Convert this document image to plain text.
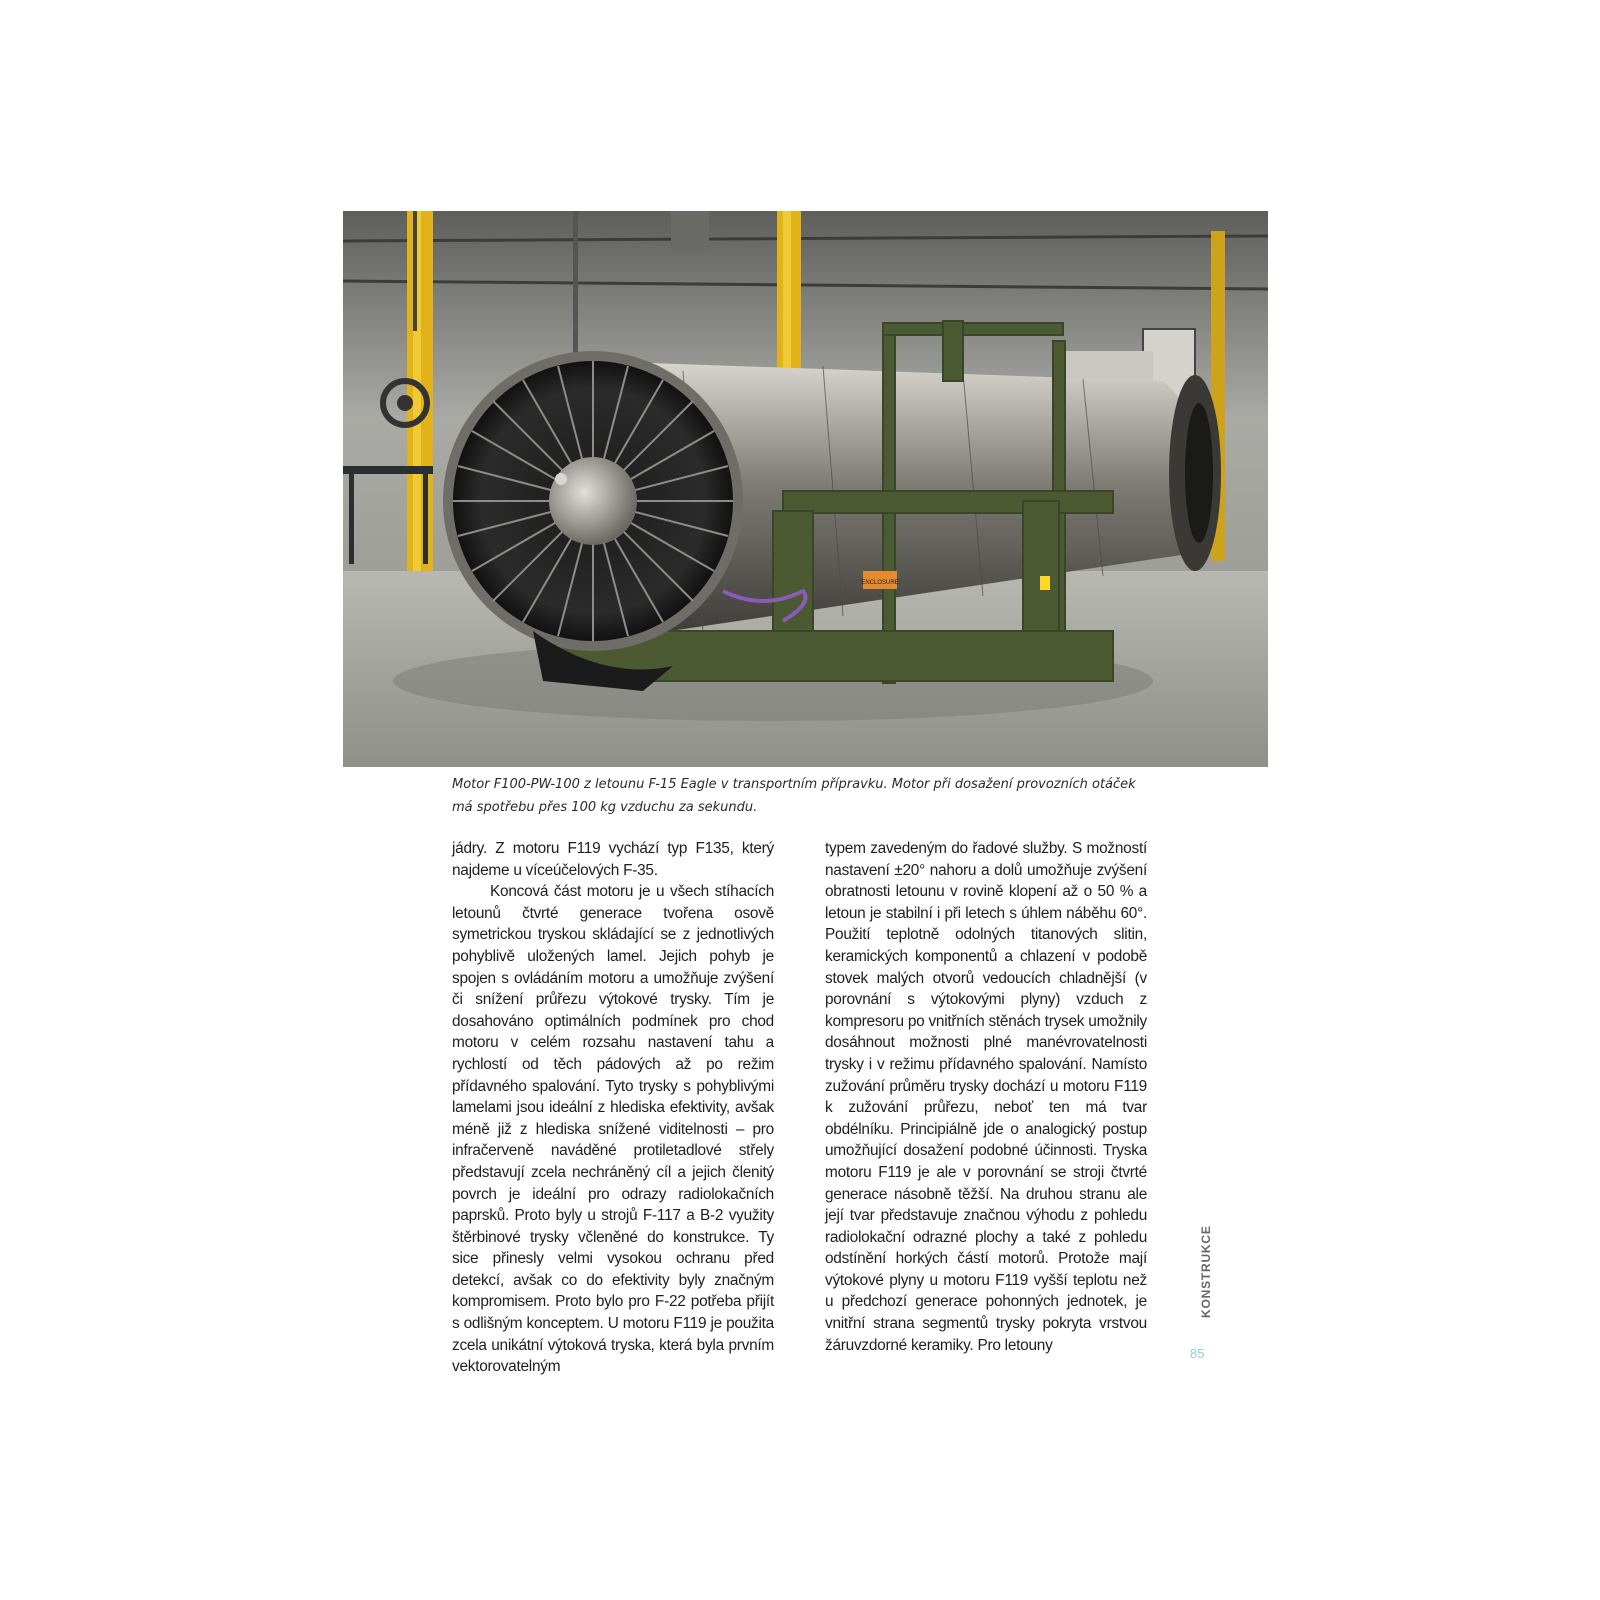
ENCLOSURE
Motor F100-PW-100 z letounu F-15 Eagle v transportním přípravku. Motor při dosažení provozních otáček má spotřebu přes 100 kg vzduchu za sekundu.

jádry. Z motoru F119 vychází typ F135, který najdeme u víceúčelových F-35.

Koncová část motoru je u všech stíhacích letounů čtvrté generace tvořena osově symetrickou tryskou skládající se z jednotlivých pohyblivě uložených lamel. Jejich pohyb je spojen s ovládáním motoru a umožňuje zvýšení či snížení průřezu výtokové trysky. Tím je dosahováno optimálních podmínek pro chod motoru v celém rozsahu nastavení tahu a rychlostí od těch pádových až po režim přídavného spalování. Tyto trysky s pohyblivými lamelami jsou ideální z hlediska efektivity, avšak méně již z hlediska snížené viditelnosti – pro infračerveně naváděné protiletadlové střely představují zcela nechráněný cíl a jejich členitý povrch je ideální pro odrazy radiolokačních paprsků. Proto byly u strojů F-117 a B-2 využity štěrbinové trysky včleněné do konstrukce. Ty sice přinesly velmi vysokou ochranu před detekcí, avšak co do efektivity byly značným kompromisem. Proto bylo pro F-22 potřeba přijít s odlišným konceptem. U motoru F119 je použita zcela unikátní výtoková tryska, která byla prvním vektorovatelným

typem zavedeným do řadové služby. S možností nastavení ±20° nahoru a dolů umožňuje zvýšení obratnosti letounu v rovině klopení až o 50 % a letoun je stabilní i při letech s úhlem náběhu 60°. Použití teplotně odolných titanových slitin, keramických komponentů a chlazení v podobě stovek malých otvorů vedoucích chladnější (v porovnání s výtokovými plyny) vzduch z kompresoru po vnitřních stěnách trysek umožnily dosáhnout možnosti plné manévrovatelnosti trysky i v režimu přídavného spalování. Namísto zužování průměru trysky dochází u motoru F119 k zužování průřezu, neboť ten má tvar obdélníku. Principiálně jde o analogický postup umožňující dosažení podobné účinnosti. Tryska motoru F119 je ale v porovnání se stroji čtvrté generace násobně těžší. Na druhou stranu ale její tvar představuje značnou výhodu z pohledu radiolokační odrazné plochy a také z pohledu odstínění horkých částí motorů. Protože mají výtokové plyny u motoru F119 vyšší teplotu než u předchozí generace pohonných jednotek, je vnitřní strana segmentů trysky pokryta vrstvou žáruvzdorné keramiky. Pro letouny

KONSTRUKCE
85
